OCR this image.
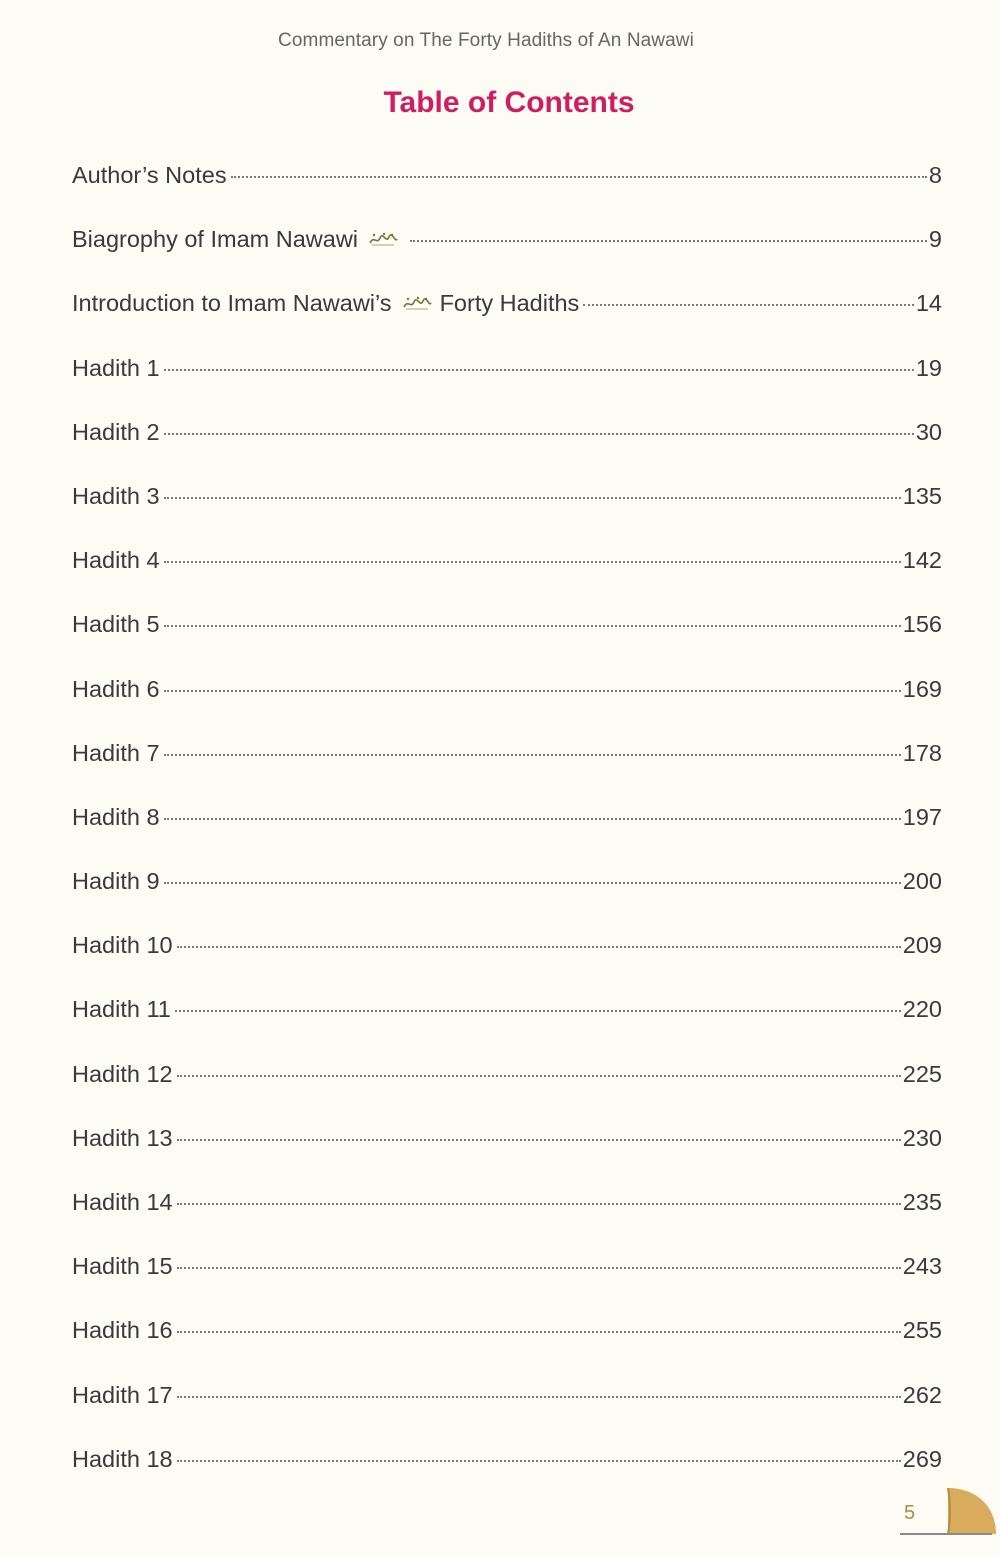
Commentary on The Forty Hadiths of An Nawawi
Table of Contents
Author’s Notes	8
Biagrophy of Imam Nawawi	9
Introduction to Imam Nawawi’s Forty Hadiths	14
Hadith 1	19
Hadith 2	30
Hadith 3	135
Hadith 4	142
Hadith 5	156
Hadith 6	169
Hadith 7	178
Hadith 8	197
Hadith 9	200
Hadith 10	209
Hadith 11	220
Hadith 12	225
Hadith 13	230
Hadith 14	235
Hadith 15	243
Hadith 16	255
Hadith 17	262
Hadith 18	269
5
